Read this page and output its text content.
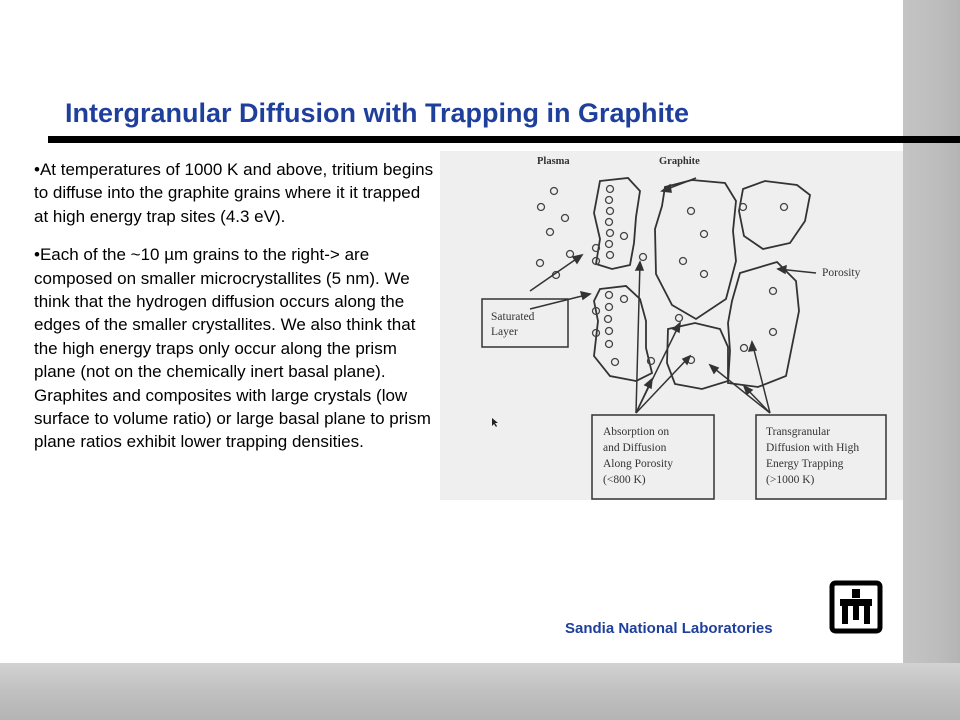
Intergranular Diffusion with Trapping in Graphite

•At temperatures of 1000 K and above, tritium begins to diffuse into the graphite grains where it it trapped at high energy trap sites (4.3 eV).

•Each of the ~10 µm grains to the right-> are composed on smaller microcrystallites (5 nm). We think that the hydrogen diffusion occurs along the edges of the smaller crystallites. We also think that the high energy traps only occur along the prism plane (not on the chemically inert basal plane). Graphites and composites with large crystals (low surface to volume ratio) or large basal plane to prism plane ratios exhibit lower trapping densities.

Plasma	Graphite
Porosity
Saturated
Layer
Absorption on
and Diffusion
Along Porosity
(<800 K)
Transgranular
Diffusion with High
Energy Trapping
(>1000 K)
Sandia National Laboratories
